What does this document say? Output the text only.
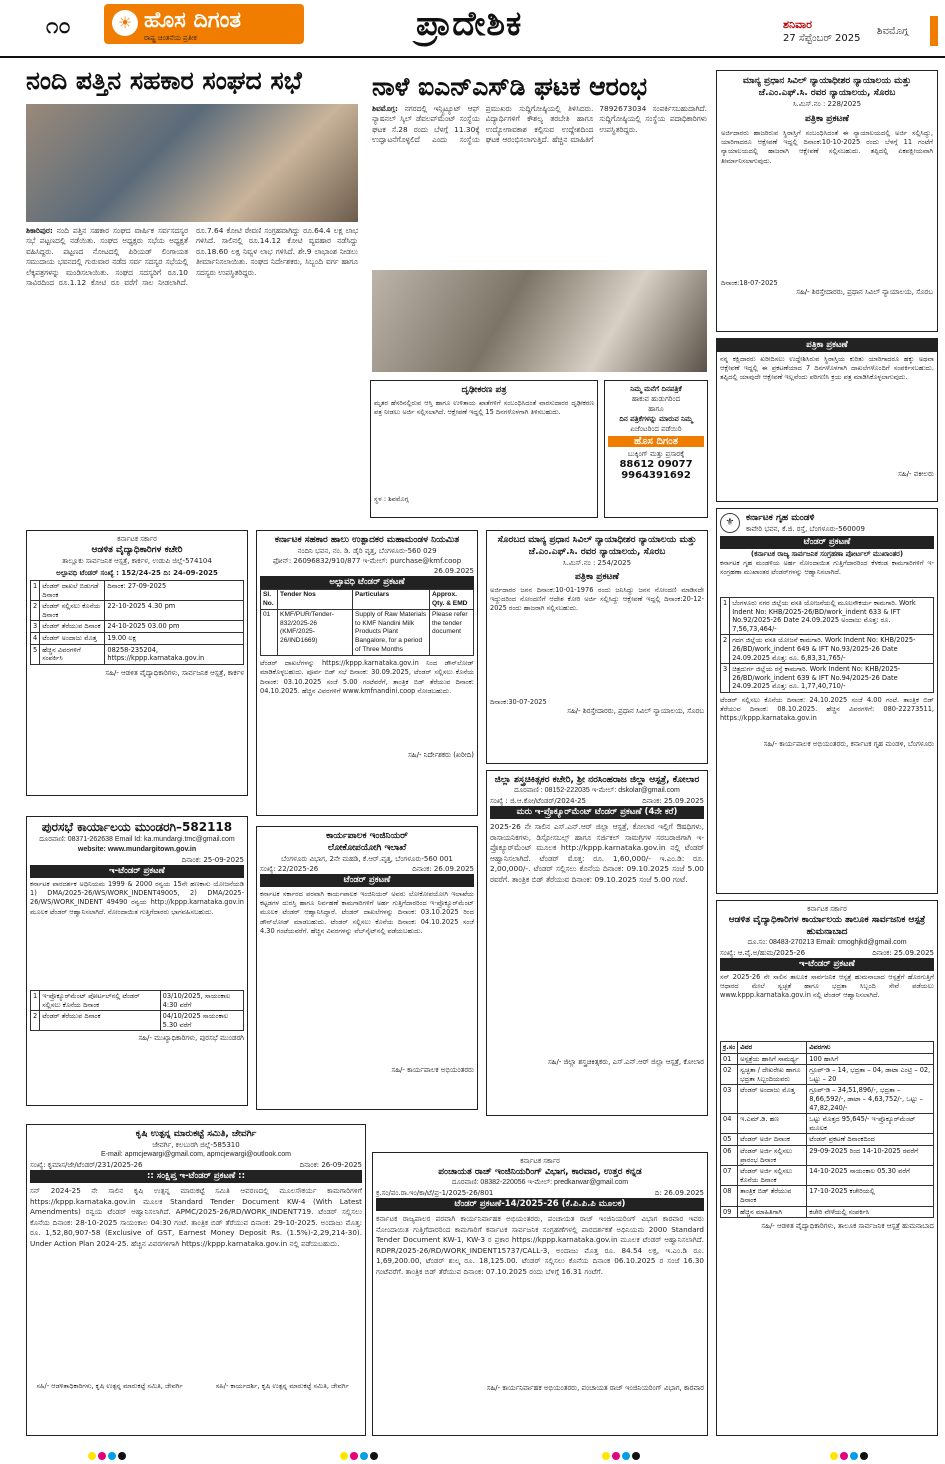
೧೦	☀ ಹೊಸ ದಿಗಂತ
ರಾಷ್ಟ್ರ ಚಿಂತನೆಯ ಪ್ರತೀಕ	ಪ್ರಾದೇಶಿಕ	ಶನಿವಾರ
27 ಸೆಪ್ಟೆಂಬರ್ 2025
ಶಿವಮೊಗ್ಗ
ನಂದಿ ಪತ್ತಿನ ಸಹಕಾರ ಸಂಘದ ಸಭೆ
ಶಿಕಾರಿಪುರ: ನಂದಿ ಪತ್ತಿನ ಸಹಕಾರ ಸಂಘದ ವಾರ್ಷಿಕ ಸರ್ವಸದಸ್ಯರ ಸಭೆ ಪಟ್ಟಣದಲ್ಲಿ ನಡೆಯಿತು. ಸಂಘದ ಅಧ್ಯಕ್ಷರು ಸಭೆಯ ಅಧ್ಯಕ್ಷತೆ ವಹಿಸಿದ್ದರು. ಪಟ್ಟಣದ ನೋಟದಲ್ಲಿ ಪಿರಿಯಡ್ ಲಿಂಗಾಯತ ಸಮುದಾಯ ಭವನದಲ್ಲಿ ಗುರುವಾರ ನಡೆದ ಸರ್ವ ಸದಸ್ಯರ ಸಭೆಯಲ್ಲಿ ಲೆಕ್ಕಪತ್ರಗಳನ್ನು ಮಂಡಿಸಲಾಯಿತು. ಸಂಘದ ಸದಸ್ಯರಿಗೆ ರೂ.10 ಸಾವಿರದಿಂದ ರೂ.1.12 ಕೋಟಿ ರೂ ವರೆಗೆ ಸಾಲ ನೀಡಲಾಗಿದೆ. ರೂ.7.64 ಕೋಟಿ ಠೇವಣಿ ಸಂಗ್ರಹವಾಗಿದ್ದು ರೂ.64.4 ಲಕ್ಷ ಲಾಭ ಗಳಿಸಿದೆ. ಸಾಲಿನಲ್ಲಿ ರೂ.14.12 ಕೋಟಿ ವ್ಯವಹಾರ ನಡೆಸಿದ್ದು ರೂ.18.60 ಲಕ್ಷ ನಿವ್ವಳ ಲಾಭ ಗಳಿಸಿದೆ. ಶೇ.9 ಲಾಭಾಂಶ ನೀಡಲು ತೀರ್ಮಾನಿಸಲಾಯಿತು. ಸಂಘದ ನಿರ್ದೇಶಕರು, ಸಿಬ್ಬಂದಿ ವರ್ಗ ಹಾಗೂ ಸದಸ್ಯರು ಉಪಸ್ಥಿತರಿದ್ದರು.
ನಾಳೆ ಐಎನ್‌ಎಸ್‌ಡಿ ಘಟಕ ಆರಂಭ
ಶಿವಮೊಗ್ಗ: ನಗರದಲ್ಲಿ ಇನ್ಸ್ಟಿಟ್ಯೂಟ್ ಆಫ್ ನ್ಯಾಷನಲ್ ಸ್ಕಿಲ್ ಡೆವಲಪ್‌ಮೆಂಟ್ ಸಂಸ್ಥೆಯ ಘಟಕ ಸೆ.28 ರಂದು ಬೆಳಗ್ಗೆ 11.30ಕ್ಕೆ ಉದ್ಘಾಟನೆಗೊಳ್ಳಲಿದೆ ಎಂದು ಸಂಸ್ಥೆಯ ಪ್ರಮುಖರು ಸುದ್ದಿಗೋಷ್ಠಿಯಲ್ಲಿ ತಿಳಿಸಿದರು. ವಿದ್ಯಾರ್ಥಿಗಳಿಗೆ ಕೌಶಲ್ಯ ತರಬೇತಿ ಹಾಗೂ ಉದ್ಯೋಗಾವಕಾಶ ಕಲ್ಪಿಸುವ ಉದ್ದೇಶದಿಂದ ಘಟಕ ಆರಂಭಿಸಲಾಗುತ್ತಿದೆ. ಹೆಚ್ಚಿನ ಮಾಹಿತಿಗೆ 7892673034 ಸಂಪರ್ಕಿಸಬಹುದಾಗಿದೆ. ಸುದ್ದಿಗೋಷ್ಠಿಯಲ್ಲಿ ಸಂಸ್ಥೆಯ ಪದಾಧಿಕಾರಿಗಳು ಉಪಸ್ಥಿತರಿದ್ದರು.
ಮಾನ್ಯ ಪ್ರಧಾನ ಸಿವಿಲ್ ನ್ಯಾಯಾಧೀಶರ ನ್ಯಾಯಾಲಯ ಮತ್ತು ಜೆ.ಎಂ.ಎಫ್.ಸಿ. ರವರ ನ್ಯಾಯಾಲಯ, ಸೊರಬ
ಸಿ.ಮಿಸ್.ನಂ : 228/2025
ಪತ್ರಿಕಾ ಪ್ರಕಟಣೆ
ಅರ್ಜಿದಾರರು ಹಾಜರಿರುವ ಸ್ಥಿರಾಸ್ತಿಗೆ ಸಂಬಂಧಿಸಿದಂತೆ ಈ ನ್ಯಾಯಾಲಯದಲ್ಲಿ ಅರ್ಜಿ ಸಲ್ಲಿಸಿದ್ದು, ಯಾರಿಗಾದರೂ ಆಕ್ಷೇಪಣೆ ಇದ್ದಲ್ಲಿ ದಿನಾಂಕ:10-10-2025 ರಂದು ಬೆಳಗ್ಗೆ 11 ಗಂಟೆಗೆ ನ್ಯಾಯಾಲಯದಲ್ಲಿ ಹಾಜರಾಗಿ ಆಕ್ಷೇಪಣೆ ಸಲ್ಲಿಸಬಹುದು. ತಪ್ಪಿದಲ್ಲಿ ಏಕಪಕ್ಷೀಯವಾಗಿ ತೀರ್ಮಾನಿಸಲಾಗುವುದು.
ದಿನಾಂಕ:18-07-2025
ಸಹಿ/- ಶಿರಸ್ತೇದಾರರು, ಪ್ರಧಾನ ಸಿವಿಲ್ ನ್ಯಾಯಾಲಯ, ಸೊರಬ
ಪತ್ರಿಕಾ ಪ್ರಕಟಣೆ
ನನ್ನ ಕಕ್ಷಿದಾರರು ಖರೀದಿಸಲು ಉದ್ದೇಶಿಸಿರುವ ಸ್ಥಿರಾಸ್ತಿಯ ಕುರಿತು ಯಾರಿಗಾದರೂ ಹಕ್ಕು ಅಥವಾ ಆಕ್ಷೇಪಣೆ ಇದ್ದಲ್ಲಿ ಈ ಪ್ರಕಟಣೆಯಾದ 7 ದಿನಗಳೊಳಗಾಗಿ ದಾಖಲೆಗಳೊಂದಿಗೆ ಸಂಪರ್ಕಿಸಬಹುದು. ತಪ್ಪಿದಲ್ಲಿ ಯಾವುದೇ ಆಕ್ಷೇಪಣೆ ಇಲ್ಲವೆಂದು ಪರಿಗಣಿಸಿ ಕ್ರಯ ಪತ್ರ ಮಾಡಿಸಿಕೊಳ್ಳಲಾಗುವುದು.
ಸಹಿ/- ವಕೀಲರು
ದೃಢೀಕರಣ ಪತ್ರ
ಮೃತರ ಹೆಸರಿನಲ್ಲಿರುವ ಆಸ್ತಿ ಹಾಗೂ ಉಳಿತಾಯ ಖಾತೆಗಳಿಗೆ ಸಂಬಂಧಿಸಿದಂತೆ ವಾರಸುದಾರರ ದೃಢೀಕರಣ ಪತ್ರ ನೀಡಲು ಅರ್ಜಿ ಸಲ್ಲಿಸಲಾಗಿದೆ. ಆಕ್ಷೇಪಣೆ ಇದ್ದಲ್ಲಿ 15 ದಿನಗಳೊಳಗಾಗಿ ತಿಳಿಸಬಹುದು.
ಸ್ಥಳ : ಶಿವಮೊಗ್ಗ
ನಿಮ್ಮ ಮನೆಗೆ ದಿನಪತ್ರಿಕೆ
ಹಾಕುವ ಹುಡುಗರಿಂದ
ಹಾಗೂ
ದಿನ ಪತ್ರಿಕೆಗಳನ್ನು ಮಾರುವ ನಿಮ್ಮ
ಏಜೆಂಟರಿಂದ ಪಡೆಯಿರಿ
ಹೊಸ ದಿಗಂತ
ಬುಕ್ಕಿಂಗ್ ಮತ್ತು ಪ್ರಸಾರಕ್ಕೆ
88612 09077
9964391692
ಕರ್ನಾಟಕ ಸರ್ಕಾರ
ಆಡಳಿತ ವೈದ್ಯಾಧಿಕಾರಿಗಳ ಕಚೇರಿ
ತಾಲ್ಲೂಕು ಸಾರ್ವಜನಿಕ ಆಸ್ಪತ್ರೆ, ಕಾರ್ಕಳ, ಉಡುಪಿ ಜಿಲ್ಲೆ-574104
ಅಲ್ಪಾವಧಿ ಟೆಂಡರ್ ಸಂಖ್ಯೆ : 152/24-25 ದಿ: 24-09-2025
1	ಟೆಂಡರ್ ದಾಖಲೆ ಬಿಡುಗಡೆ ದಿನಾಂಕ	ದಿನಾಂಕ: 27-09-2025
2	ಟೆಂಡರ್ ಸಲ್ಲಿಸಲು ಕೊನೆಯ ದಿನಾಂಕ	22-10-2025 4.30 pm
3	ಟೆಂಡರ್ ತೆರೆಯುವ ದಿನಾಂಕ	24-10-2025 03.00 pm
4	ಟೆಂಡರ್ ಅಂದಾಜು ಮೊತ್ತ	19.00 ಲಕ್ಷ
5	ಹೆಚ್ಚಿನ ವಿವರಗಳಿಗೆ ಸಂಪರ್ಕಿಸಿ	08258-235204, https://kppp.karnataka.gov.in
ಸಹಿ/- ಆಡಳಿತ ವೈದ್ಯಾಧಿಕಾರಿಗಳು, ಸಾರ್ವಜನಿಕ ಆಸ್ಪತ್ರೆ, ಕಾರ್ಕಳ
ಕರ್ನಾಟಕ ಸಹಕಾರ ಹಾಲು ಉತ್ಪಾದಕರ ಮಹಾಮಂಡಳ ನಿಯಮಿತ
ನಂದಿನಿ ಭವನ, ನಂ. ಡಿ. ಡೈರಿ ವೃತ್ತ, ಬೆಂಗಳೂರು-560 029
ಫೋನ್: 26096832/910/877 ಇ-ಮೇಲ್: purchase@kmf.coop
26.09.2025
ಅಲ್ಪಾವಧಿ ಟೆಂಡರ್ ಪ್ರಕಟಣೆ
Sl. No.	Tender Nos	Particulars	Approx. Qty. & EMD
01	KMF/PUR/Tender-832/2025-26 (KMF/2025-26/IND1669)	Supply of Raw Materials to KMF Nandini Milk Products Plant Bangalore, for a period of Three Months	Please refer the tender document
ಟೆಂಡರ್ ದಾಖಲೆಗಳನ್ನು https://kppp.karnataka.gov.in ನಿಂದ ಡೌನ್‌ಲೋಡ್ ಮಾಡಿಕೊಳ್ಳಬಹುದು. ಪೂರ್ವ ಬಿಡ್ ಸಭೆ ದಿನಾಂಕ: 30.09.2025, ಟೆಂಡರ್ ಸಲ್ಲಿಸಲು ಕೊನೆಯ ದಿನಾಂಕ: 03.10.2025 ಸಂಜೆ 5.00 ಗಂಟೆವರೆಗೆ, ತಾಂತ್ರಿಕ ಬಿಡ್ ತೆರೆಯುವ ದಿನಾಂಕ: 04.10.2025. ಹೆಚ್ಚಿನ ವಿವರಗಳಿಗೆ www.kmfnandini.coop ನೋಡಬಹುದು.
ಸಹಿ/- ನಿರ್ದೇಶಕರು (ಖರೀದಿ)
ಸೊರಬದ ಮಾನ್ಯ ಪ್ರಧಾನ ಸಿವಿಲ್ ನ್ಯಾಯಾಧೀಶರ ನ್ಯಾಯಾಲಯ ಮತ್ತು ಜೆ.ಎಂ.ಎಫ್.ಸಿ. ರವರ ನ್ಯಾಯಾಲಯ, ಸೊರಬ
ಸಿ.ಮಿಸ್.ನಂ : 254/2025
ಪತ್ರಿಕಾ ಪ್ರಕಟಣೆ
ಅರ್ಜಿದಾರರ ಜನನ ದಿನಾಂಕ:10-01-1976 ರಂದು ಜನಿಸಿದ್ದು ಜನನ ನೋಂದಣಿ ಮಾಡಿಸದೇ ಇದ್ದುದರಿಂದ ನೋಂದಣಿಗೆ ಆದೇಶ ಕೋರಿ ಅರ್ಜಿ ಸಲ್ಲಿಸಿದ್ದು ಆಕ್ಷೇಪಣೆ ಇದ್ದಲ್ಲಿ ದಿನಾಂಕ:20-12-2025 ರಂದು ಹಾಜರಾಗಿ ಸಲ್ಲಿಸಬಹುದು.
ದಿನಾಂಕ:30-07-2025
ಸಹಿ/- ಶಿರಸ್ತೇದಾರರು, ಪ್ರಧಾನ ಸಿವಿಲ್ ನ್ಯಾಯಾಲಯ, ಸೊರಬ
⚜	ಕರ್ನಾಟಕ ಗೃಹ ಮಂಡಳಿ
ಕಾವೇರಿ ಭವನ, ಕೆ.ಜಿ. ರಸ್ತೆ, ಬೆಂಗಳೂರು-560009
ಟೆಂಡರ್ ಪ್ರಕಟಣೆ
(ಕರ್ನಾಟಕ ರಾಜ್ಯ ಸಾರ್ವಜನಿಕ ಸಂಗ್ರಹಣಾ ಪೋರ್ಟಲ್ ಮುಖಾಂತರ)
ಕರ್ನಾಟಕ ಗೃಹ ಮಂಡಳಿಯ ಅರ್ಹ ನೋಂದಾಯಿತ ಗುತ್ತಿಗೆದಾರರಿಂದ ಕೆಳಕಂಡ ಕಾಮಗಾರಿಗಳಿಗೆ ಇ-ಸಂಗ್ರಹಣಾ ಮುಖಾಂತರ ಟೆಂಡರ್‌ಗಳನ್ನು ಆಹ್ವಾನಿಸಲಾಗಿದೆ.
1	ಬೆಂಗಳೂರು ನಗರ ಜಿಲ್ಲೆಯ ವಸತಿ ಯೋಜನೆಯಲ್ಲಿ ಮೂಲಸೌಕರ್ಯ ಕಾಮಗಾರಿ. Work Indent No: KHB/2025-26/BD/work_indent 633 & IFT No.92/2025-26 Date 24.09.2025 ಅಂದಾಜು ಮೊತ್ತ: ರೂ. 7,56,73,464/-
2	ಗದಗ ಜಿಲ್ಲೆಯ ವಸತಿ ಯೋಜನೆ ಕಾಮಗಾರಿ. Work Indent No: KHB/2025-26/BD/work_indent 649 & IFT No.93/2025-26 Date 24.09.2025 ಮೊತ್ತ: ರೂ. 6,83,31,765/-
3	ಚಿತ್ರದುರ್ಗ ಜಿಲ್ಲೆಯ ರಸ್ತೆ ಕಾಮಗಾರಿ. Work Indent No: KHB/2025-26/BD/work_indent 639 & IFT No.94/2025-26 Date 24.09.2025 ಮೊತ್ತ: ರೂ. 1,77,40,710/-
ಟೆಂಡರ್ ಸಲ್ಲಿಸಲು ಕೊನೆಯ ದಿನಾಂಕ: 24.10.2025 ಸಂಜೆ 4.00 ಗಂಟೆ. ತಾಂತ್ರಿಕ ಬಿಡ್ ತೆರೆಯುವ ದಿನಾಂಕ: 08.10.2025. ಹೆಚ್ಚಿನ ವಿವರಗಳಿಗೆ: 080-22273511, https://kppp.karnataka.gov.in
ಸಹಿ/- ಕಾರ್ಯಪಾಲಕ ಅಭಿಯಂತರರು, ಕರ್ನಾಟಕ ಗೃಹ ಮಂಡಳಿ, ಬೆಂಗಳೂರು
ಪುರಸಭೆ ಕಾರ್ಯಾಲಯ ಮುಂಡರಗಿ–582118
ದೂರವಾಣಿ: 08371-262638 Email Id: ka.mundargi.tmc@gmail.com
website: www.mundargitown.gov.in
ದಿನಾಂಕ: 25-09-2025
ಇ-ಟೆಂಡರ್ ಪ್ರಕಟಣೆ
ಕರ್ನಾಟಕ ಪಾರದರ್ಶಕ ಅಧಿನಿಯಮ 1999 & 2000 ರನ್ವಯ 15ನೇ ಹಣಕಾಸು ಯೋಜನೆಯಡಿ 1) DMA/2025-26/WS/WORK_INDENT49005, 2) DMA/2025-26/WS/WORK_INDENT 49490 ರನ್ವಯ http://kppp.karnataka.gov.in ಮೂಲಕ ಟೆಂಡರ್ ಆಹ್ವಾನಿಸಲಾಗಿದೆ. ನೋಂದಾಯಿತ ಗುತ್ತಿಗೆದಾರರು ಭಾಗವಹಿಸಬಹುದು.
1	ಇ-ಪ್ರೊಕ್ಯೂರ್‌ಮೆಂಟ್ ಪೋರ್ಟಲ್‌ನಲ್ಲಿ ಟೆಂಡರ್ ಸಲ್ಲಿಸಲು ಕೊನೆಯ ದಿನಾಂಕ	03/10/2025, ಸಾಯಂಕಾಲ 4:30 ವರೆಗೆ
2	ಟೆಂಡರ್ ತೆರೆಯುವ ದಿನಾಂಕ	04/10/2025 ಸಾಯಂಕಾಲ 5.30 ವರೆಗೆ
ಸಹಿ/- ಮುಖ್ಯಾಧಿಕಾರಿಗಳು, ಪುರಸಭೆ ಮುಂಡರಗಿ
ಕಾರ್ಯಪಾಲಕ ಇಂಜಿನಿಯರ್
ಲೋಕೋಪಯೋಗಿ ಇಲಾಖೆ
ಬೆಂಗಳೂರು ವಿಭಾಗ, 2ನೇ ಮಹಡಿ, ಕೆ.ಆರ್.ವೃತ್ತ, ಬೆಂಗಳೂರು-560 001
ಸಂಖ್ಯೆ: 22/2025-26	ದಿನಾಂಕ: 26.09.2025
ಟೆಂಡರ್ ಪ್ರಕಟಣೆ
ಕರ್ನಾಟಕ ಸರ್ಕಾರದ ಪರವಾಗಿ ಕಾರ್ಯಪಾಲಕ ಇಂಜಿನಿಯರ್ ಅವರು ಲೋಕೋಪಯೋಗಿ ಇಲಾಖೆಯ ಕಟ್ಟಡಗಳ ದುರಸ್ತಿ ಹಾಗೂ ನಿರ್ವಹಣೆ ಕಾಮಗಾರಿಗಳಿಗೆ ಅರ್ಹ ಗುತ್ತಿಗೆದಾರರಿಂದ ಇ-ಪ್ರೊಕ್ಯೂರ್‌ಮೆಂಟ್ ಮೂಲಕ ಟೆಂಡರ್ ಆಹ್ವಾನಿಸಿದ್ದಾರೆ. ಟೆಂಡರ್ ದಾಖಲೆಗಳನ್ನು ದಿನಾಂಕ: 03.10.2025 ರಿಂದ ಡೌನ್‌ಲೋಡ್ ಮಾಡಬಹುದು. ಟೆಂಡರ್ ಸಲ್ಲಿಸಲು ಕೊನೆಯ ದಿನಾಂಕ: 04.10.2025 ಸಂಜೆ 4.30 ಗಂಟೆಯವರೆಗೆ. ಹೆಚ್ಚಿನ ವಿವರಗಳನ್ನು ವೆಬ್‌ಸೈಟ್‌ನಲ್ಲಿ ಪಡೆಯಬಹುದು.
ಸಹಿ/- ಕಾರ್ಯಪಾಲಕ ಅಭಿಯಂತರರು
ಜಿಲ್ಲಾ ಶಸ್ತ್ರಚಿಕಿತ್ಸಕರ ಕಚೇರಿ, ಶ್ರೀ ನರಸಿಂಹರಾಜ ಜಿಲ್ಲಾ ಆಸ್ಪತ್ರೆ, ಕೋಲಾರ
ದೂರವಾಣಿ : 08152-222035 ಇ-ಮೇಲ್: dskolar@gmail.com
ಸಂಖ್ಯೆ : ಜಿ.ಆ.ಕೋ/ಟೆಂಡರ್/2024-25	ದಿನಾಂಕ: 25.09.2025
ಮರು ಇ-ಪ್ರೊಕ್ಯೂರ್‌ಮೆಂಟ್ ಟೆಂಡರ್ ಪ್ರಕಟಣೆ (4ನೇ ಕರೆ)
2025-26 ನೇ ಸಾಲಿನ ಎಸ್.ಎನ್.ಆರ್ ಜಿಲ್ಲಾ ಆಸ್ಪತ್ರೆ, ಕೋಲಾರ ಇಲ್ಲಿಗೆ ಔಷಧಿಗಳು, ರಾಸಾಯನಿಕಗಳು, ಡಿಸ್ಪೋಸಬಲ್ಸ್ ಹಾಗೂ ಸರ್ಜಿಕಲ್ ಸಾಮಗ್ರಿಗಳ ಸರಬರಾಜಿಗಾಗಿ ಇ-ಪ್ರೊಕ್ಯೂರ್‌ಮೆಂಟ್ ಮೂಲಕ http://kppp.karnataka.gov.in ನಲ್ಲಿ ಟೆಂಡರ್ ಆಹ್ವಾನಿಸಲಾಗಿದೆ. ಟೆಂಡರ್ ಮೊತ್ತ: ರೂ. 1,60,000/- ಇ.ಎಂ.ಡಿ: ರೂ. 2,00,000/-. ಟೆಂಡರ್ ಸಲ್ಲಿಸಲು ಕೊನೆಯ ದಿನಾಂಕ: 09.10.2025 ಸಂಜೆ 5.00 ರವರೆಗೆ. ತಾಂತ್ರಿಕ ಬಿಡ್ ತೆರೆಯುವ ದಿನಾಂಕ: 09.10.2025 ಸಂಜೆ 5.00 ಗಂಟೆ.
ಸಹಿ/- ಜಿಲ್ಲಾ ಶಸ್ತ್ರಚಿಕಿತ್ಸಕರು, ಎಸ್.ಎನ್.ಆರ್ ಜಿಲ್ಲಾ ಆಸ್ಪತ್ರೆ, ಕೋಲಾರ
ಕರ್ನಾಟಕ ಸರ್ಕಾರ
ಆಡಳಿತ ವೈದ್ಯಾಧಿಕಾರಿಗಳ ಕಾರ್ಯಾಲಯ ತಾಲೂಕ ಸಾರ್ವಜನಿಕ ಆಸ್ಪತ್ರೆ ಹುಮನಾಬಾದ
ದೂ.ಸಂ: 08483-270213 Email: cmoghjkd@gmail.com
ಸಂಖ್ಯೆ: ಆ.ವೈ.ಅ/ಹುಮ/2025-26	ದಿನಾಂಕ: 25.09.2025
ಇ-ಟೆಂಡರ್ ಪ್ರಕಟಣೆ
ಸನ್ 2025-26 ನೇ ಸಾಲಿನ ತಾಲೂಕ ಸಾರ್ವಜನಿಕ ಆಸ್ಪತ್ರೆ ಹುಮನಾಬಾದ ಆಸ್ಪತ್ರೆಗೆ ಹೊರಗುತ್ತಿಗೆ ಆಧಾರದ ಮೇಲೆ ಸ್ವಚ್ಛತೆ ಹಾಗೂ ಭದ್ರತಾ ಸಿಬ್ಬಂದಿ ಸೇವೆ ಪಡೆಯಲು www.kppp.karnataka.gov.in ನಲ್ಲಿ ಟೆಂಡರ್ ಆಹ್ವಾನಿಸಲಾಗಿದೆ.
ಕ್ರ.ಸಂ	ವಿವರ	ವಿವರಗಳು
01	ಅಸ್ಪತ್ರೆಯ ಹಾಸಿಗೆ ಸಾಮರ್ಥ್ಯ	100 ಹಾಸಿಗೆ
02	ಸ್ವಚ್ಛತಾ / ದೇಖರೇಖ ಹಾಗೂ ಭದ್ರತಾ ಸಿಬ್ಬಂದಿಯವರು	ಗ್ರೂಪ್-ಡಿ – 14, ಭದ್ರತಾ – 04, ಡಾಟಾ ಎಂಟ್ರಿ – 02, ಒಟ್ಟು – 20
03	ಟೆಂಡರ್ ಅಂದಾಜು ಮೊತ್ತ	ಗ್ರೂಪ್-ಡಿ – 34,51,896/-, ಭದ್ರತಾ – 8,66,592/-, ಡಾಟಾ – 4,63,752/-, ಒಟ್ಟು – 47,82,240/-
04	ಇ.ಎಮ್.ಡಿ. ಹಣ	ಒಟ್ಟು ಮೊತ್ತದ 95,645/- ಇ-ಪ್ರೊಕ್ಯೂರ್‌ಮೆಂಟ್ ಮೂಲಕ
05	ಟೆಂಡರ್ ಅರ್ಜಿ ದಿನಾಂಕ	ಟೆಂಡರ್ ಪ್ರಕಟಣೆ ದಿನಾಂಕದಿಂದ
06	ಟೆಂಡರ್ ಅರ್ಜಿ ಸಲ್ಲಿಸಲು ಪ್ರಾರಂಭ ದಿನಾಂಕ	29-09-2025 ರಿಂದ 14-10-2025 ರವರೆಗೆ
07	ಟೆಂಡರ್ ಅರ್ಜಿ ಸಲ್ಲಿಸಲು ಕೊನೆಯ ದಿನಾಂಕ	14-10-2025 ಸಾಯಂಕಾಲ 05.30 ವರೆಗೆ
08	ತಾಂತ್ರಿಕ ಬಿಡ್ ತೆರೆಯುವ ದಿನಾಂಕ	17-10-2025 ಕಚೇರಿಯಲ್ಲಿ
09	ಹೆಚ್ಚಿನ ಮಾಹಿತಿಗಾಗಿ	ಕಚೇರಿ ವೇಳೆಯಲ್ಲಿ ಸಂಪರ್ಕಿಸಿ
ಸಹಿ/- ಆಡಳಿತ ವೈದ್ಯಾಧಿಕಾರಿಗಳು, ತಾಲೂಕ ಸಾರ್ವಜನಿಕ ಆಸ್ಪತ್ರೆ ಹುಮನಾಬಾದ
ಕೃಷಿ ಉತ್ಪನ್ನ ಮಾರುಕಟ್ಟೆ ಸಮಿತಿ, ಜೇವರ್ಗಿ
ಜೇವರ್ಗಿ, ಕಲಬುರಗಿ ಜಿಲ್ಲೆ-585310
E-mail: apmcjewargi@gmail.com, apmcjewargi@outlook.com
ಸಂಖ್ಯೆ: ಕೃಮಾಸ/ಜೇ/ಟೆಂಡರ್/231/2025-26	ದಿನಾಂಕ: 26-09-2025
:: ಸಂಕ್ಷಿಪ್ತ ಇ-ಟೆಂಡರ್ ಪ್ರಕಟಣೆ ::
ಸನ್ 2024-25 ನೇ ಸಾಲಿನ ಕೃಷಿ ಉತ್ಪನ್ನ ಮಾರುಕಟ್ಟೆ ಸಮಿತಿ ಆವರಣದಲ್ಲಿ ಮೂಲಸೌಕರ್ಯ ಕಾಮಗಾರಿಗಳಿಗೆ https://kppp.karnataka.gov.in ಮೂಲಕ Standard Tender Document KW-4 (With Latest Amendments) ರನ್ವಯ ಟೆಂಡರ್ ಆಹ್ವಾನಿಸಲಾಗಿದೆ. APMC/2025-26/RD/WORK_INDENT719. ಟೆಂಡರ್ ಸಲ್ಲಿಸಲು ಕೊನೆಯ ದಿನಾಂಕ: 28-10-2025 ಸಾಯಂಕಾಲ 04:30 ಗಂಟೆ. ತಾಂತ್ರಿಕ ಬಿಡ್ ತೆರೆಯುವ ದಿನಾಂಕ: 29-10-2025. ಅಂದಾಜು ಮೊತ್ತ: ರೂ. 1,52,80,907-58 (Exclusive of GST, Earnest Money Deposit Rs. (1.5%)-2,29,214-30). Under Action Plan 2024-25. ಹೆಚ್ಚಿನ ವಿವರಗಳಿಗಾಗಿ https://kppp.karnataka.gov.in ನಲ್ಲಿ ಪಡೆಯಬಹುದು.
ಸಹಿ/- ಆಡಳಿತಾಧಿಕಾರಿಗಳು, ಕೃಷಿ ಉತ್ಪನ್ನ ಮಾರುಕಟ್ಟೆ ಸಮಿತಿ, ಜೇವರ್ಗಿ	ಸಹಿ/- ಕಾರ್ಯದರ್ಶಿ, ಕೃಷಿ ಉತ್ಪನ್ನ ಮಾರುಕಟ್ಟೆ ಸಮಿತಿ, ಜೇವರ್ಗಿ
ಕರ್ನಾಟಕ ಸರ್ಕಾರ
ಪಂಚಾಯತ ರಾಜ್ ಇಂಜಿನಿಯರಿಂಗ್ ವಿಭಾಗ, ಕಾರವಾರ, ಉತ್ತರ ಕನ್ನಡ
ದೂರವಾಣಿ: 08382-220056 ಇ-ಮೇಲ್: predkarwar@gmail.com
ಕ್ರ.ಸಂ/ಪಂ.ರಾ.ಇಂ/ಕಾ/ಟೆ/ಪ್ರ-1/2025-26/801	ದಿ: 26.09.2025
ಟೆಂಡರ್ ಪ್ರಕಟಣೆ-14/2025-26 (ಕೆ.ಪಿ.ಪಿ.ಪಿ ಮೂಲಕ)
ಕರ್ನಾಟಕ ರಾಜ್ಯಪಾಲರ ಪರವಾಗಿ ಕಾರ್ಯನಿರ್ವಾಹಕ ಅಭಿಯಂತರರು, ಪಂಚಾಯತ ರಾಜ್ ಇಂಜಿನಿಯರಿಂಗ್ ವಿಭಾಗ ಕಾರವಾರ ಇವರು ನೋಂದಾಯಿತ ಗುತ್ತಿಗೆದಾರರಿಂದ ಕಾಮಗಾರಿಗೆ ಕರ್ನಾಟಕ ಸಾರ್ವಜನಿಕ ಸಂಗ್ರಹಣೆಗಳಲ್ಲಿ ಪಾರದರ್ಶಕತೆ ಅಧಿನಿಯಮ 2000 Standard Tender Document KW-1, KW-3 ರ ಪ್ರಕಾರ https://kppp.karnataka.gov.in ಮೂಲಕ ಟೆಂಡರ್ ಆಹ್ವಾನಿಸಲಾಗಿದೆ. RDPR/2025-26/RD/WORK_INDENT15737/CALL-3, ಅಂದಾಜು ಮೊತ್ತ ರೂ. 84.54 ಲಕ್ಷ, ಇ.ಎಂ.ಡಿ ರೂ. 1,69,200.00, ಟೆಂಡರ್ ಶುಲ್ಕ ರೂ. 18,125.00. ಟೆಂಡರ್ ಸಲ್ಲಿಸಲು ಕೊನೆಯ ದಿನಾಂಕ 06.10.2025 ರ ಸಂಜೆ 16.30 ಗಂಟೆವರೆಗೆ. ತಾಂತ್ರಿಕ ಬಿಡ್ ತೆರೆಯುವ ದಿನಾಂಕ: 07.10.2025 ರಂದು ಬೆಳಿಗ್ಗೆ 16.31 ಗಂಟೆಗೆ.
ಸಹಿ/- ಕಾರ್ಯನಿರ್ವಾಹಕ ಅಭಿಯಂತರರು, ಪಂಚಾಯತ ರಾಜ್ ಇಂಜಿನಿಯರಿಂಗ್ ವಿಭಾಗ, ಕಾರವಾರ
